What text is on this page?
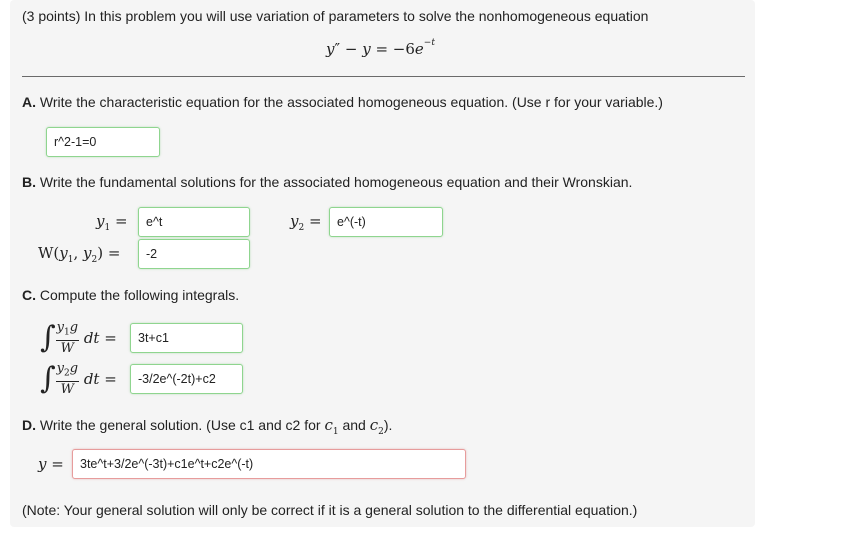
(3 points) In this problem you will use variation of parameters to solve the nonhomogeneous equation
$y'' - y = -6e^{-t}$
A. Write the characteristic equation for the associated homogeneous equation. (Use r for your variable.)
r^2-1=0
B. Write the fundamental solutions for the associated homogeneous equation and their Wronskian.
$y_1$ =	e^t	$y_2$ =	e^(-t)
$W(y_1$, $y_2$) =	-2
C. Compute the following integrals.
∫ $\frac{y_1g}{W}$ dt =	3t+c1
∫ $\frac{y_2g}{W}$ dt =	-3/2e^(-2t)+c2
D. Write the general solution. (Use c1 and c2 for $c_1$ and $c_2$).
y =	3te^t+3/2e^(-3t)+c1e^t+c2e^(-t)
(Note: Your general solution will only be correct if it is a general solution to the differential equation.)
